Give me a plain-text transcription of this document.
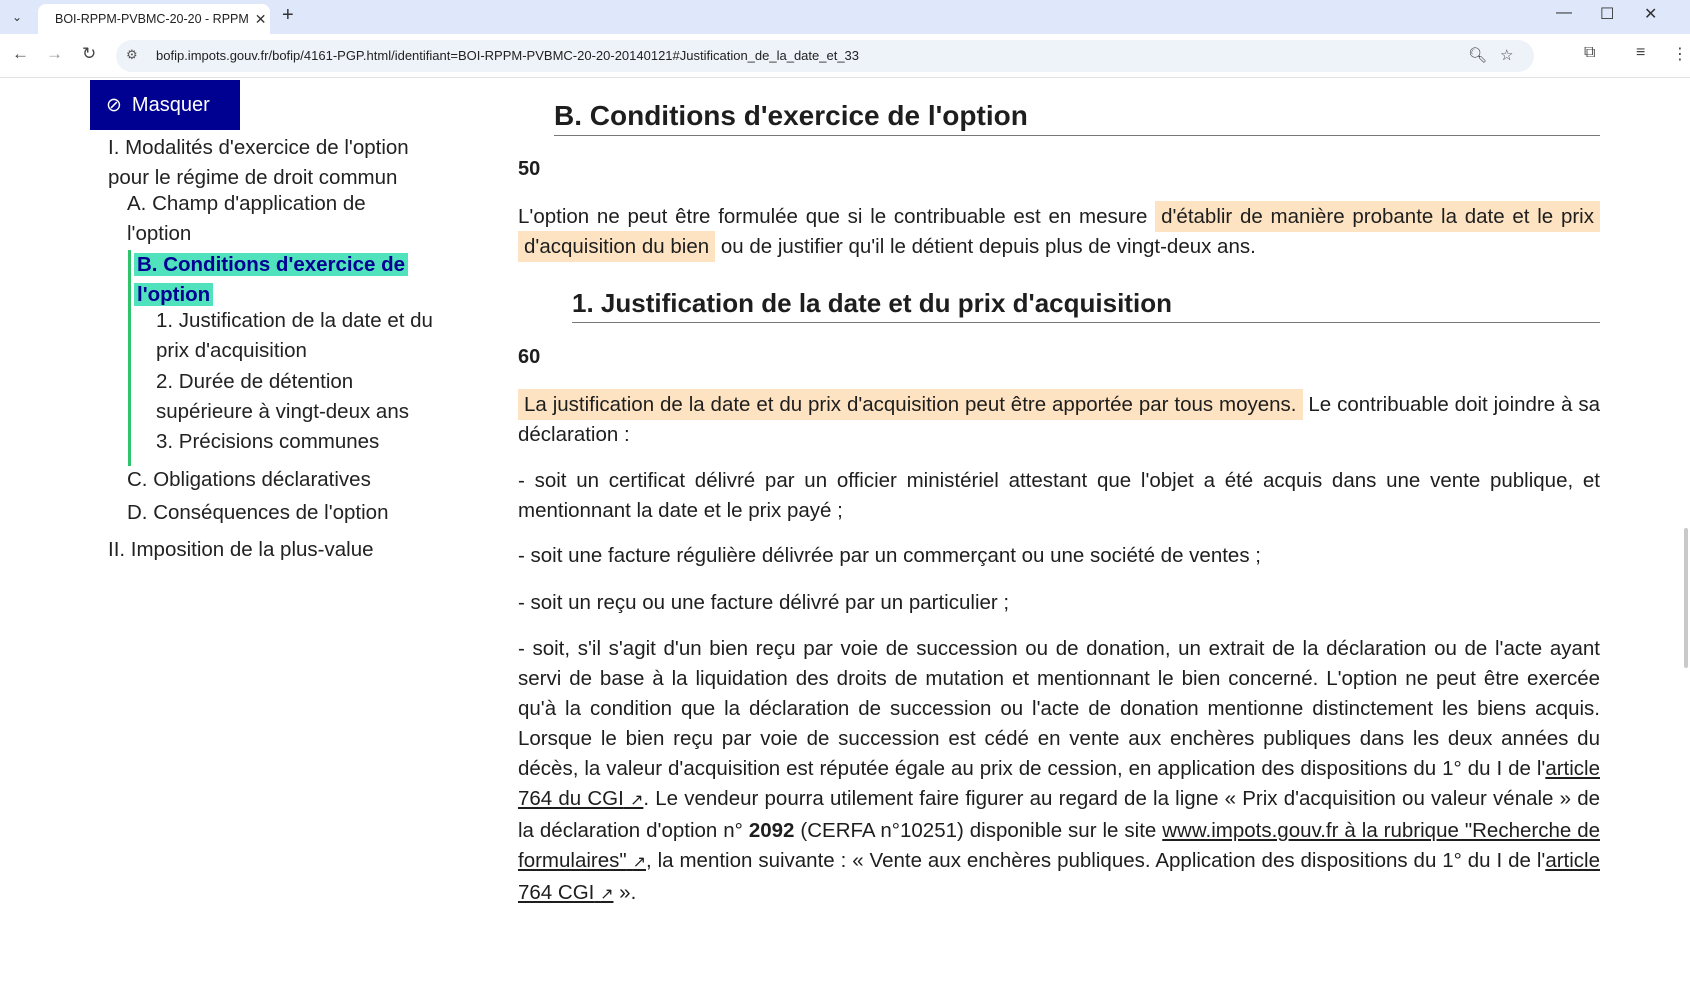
⌄	BOI-RPPM-PVBMC-20-20 - RPPM ✕ +	— ☐ ✕
← → ↻ ⚙ bofip.impots.gouv.fr/bofip/4161-PGP.html/identifiant=BOI-RPPM-PVBMC-20-20-20140121#Justification_de_la_date_et_33	🔍︎ ☆	⧉	≡ ⋮
⊘ Masquer
I. Modalités d'exercice de l'option
pour le régime de droit commun
A. Champ d'application de
l'option
B. Conditions d'exercice de
l'option
1. Justification de la date et du
prix d'acquisition
2. Durée de détention
supérieure à vingt-deux ans
3. Précisions communes
C. Obligations déclaratives
D. Conséquences de l'option
II. Imposition de la plus-value
B. Conditions d'exercice de l'option
50

L'option ne peut être formulée que si le contribuable est en mesure d'établir de manière probante la date et le prix d'acquisition du bien ou de justifier qu'il le détient depuis plus de vingt-deux ans.

1. Justification de la date et du prix d'acquisition
60

La justification de la date et du prix d'acquisition peut être apportée par tous moyens. Le contribuable doit joindre à sa déclaration :

- soit un certificat délivré par un officier ministériel attestant que l'objet a été acquis dans une vente publique, et mentionnant la date et le prix payé ;

- soit une facture régulière délivrée par un commerçant ou une société de ventes ;

- soit un reçu ou une facture délivré par un particulier ;

- soit, s'il s'agit d'un bien reçu par voie de succession ou de donation, un extrait de la déclaration ou de l'acte ayant servi de base à la liquidation des droits de mutation et mentionnant le bien concerné. L'option ne peut être exercée qu'à la condition que la déclaration de succession ou l'acte de donation mentionne distinctement les biens acquis. Lorsque le bien reçu par voie de succession est cédé en vente aux enchères publiques dans les deux années du décès, la valeur d'acquisition est réputée égale au prix de cession, en application des dispositions du 1° du I de l'article 764 du CGI ↗. Le vendeur pourra utilement faire figurer au regard de la ligne « Prix d'acquisition ou valeur vénale » de la déclaration d'option n° 2092 (CERFA n°10251) disponible sur le site www.impots.gouv.fr à la rubrique "Recherche de formulaires" ↗, la mention suivante : « Vente aux enchères publiques. Application des dispositions du 1° du I de l'article 764 CGI ↗ ».
